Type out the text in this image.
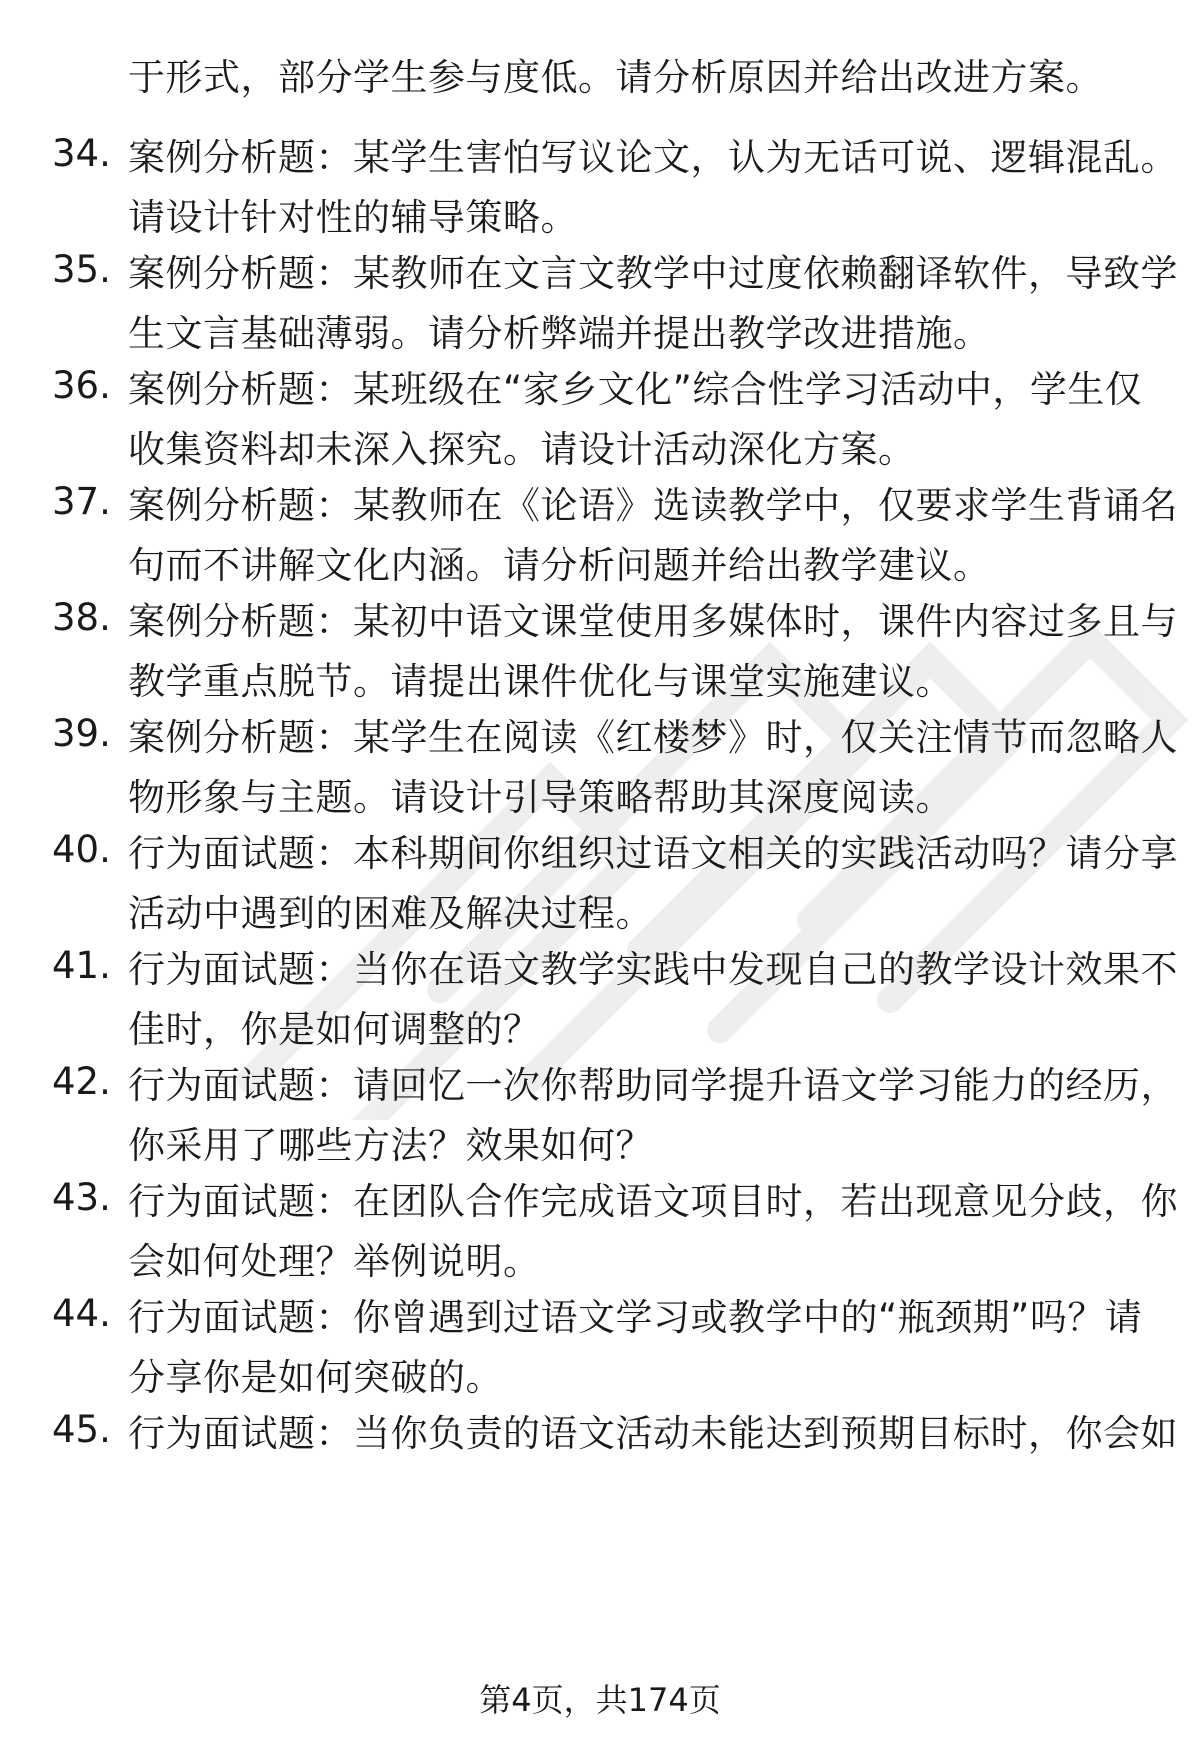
于形式，部分学生参与度低。请分析原因并给出改进方案。
34. 案例分析题：某学生害怕写议论文，认为无话可说、逻辑混乱。
请设计针对性的辅导策略。
35. 案例分析题：某教师在文言文教学中过度依赖翻译软件，导致学
生文言基础薄弱。请分析弊端并提出教学改进措施。
36. 案例分析题：某班级在“家乡文化”综合性学习活动中，学生仅
收集资料却未深入探究。请设计活动深化方案。
37. 案例分析题：某教师在《论语》选读教学中，仅要求学生背诵名
句而不讲解文化内涵。请分析问题并给出教学建议。
38. 案例分析题：某初中语文课堂使用多媒体时，课件内容过多且与
教学重点脱节。请提出课件优化与课堂实施建议。
39. 案例分析题：某学生在阅读《红楼梦》时，仅关注情节而忽略人
物形象与主题。请设计引导策略帮助其深度阅读。
40. 行为面试题：本科期间你组织过语文相关的实践活动吗？请分享
活动中遇到的困难及解决过程。
41. 行为面试题：当你在语文教学实践中发现自己的教学设计效果不
佳时，你是如何调整的？
42. 行为面试题：请回忆一次你帮助同学提升语文学习能力的经历，
你采用了哪些方法？效果如何？
43. 行为面试题：在团队合作完成语文项目时，若出现意见分歧，你
会如何处理？举例说明。
44. 行为面试题：你曾遇到过语文学习或教学中的“瓶颈期”吗？请
分享你是如何突破的。
45. 行为面试题：当你负责的语文活动未能达到预期目标时，你会如
第4页，共174页
